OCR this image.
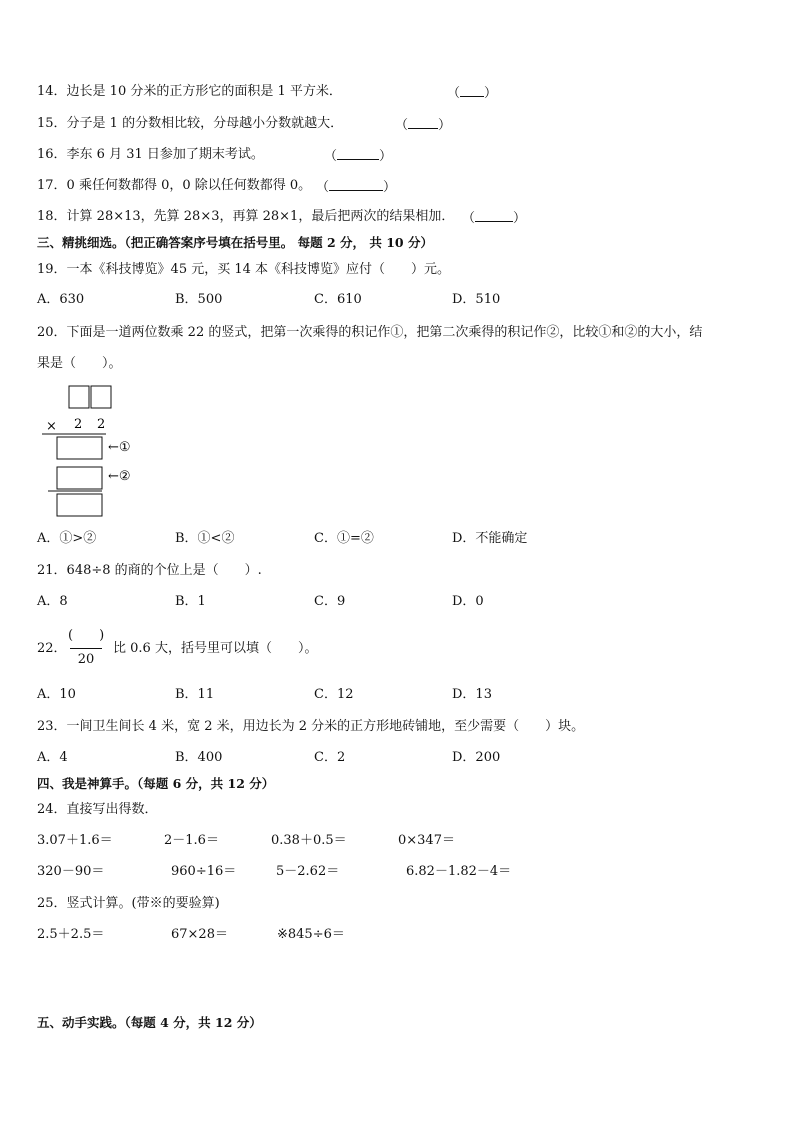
14．边长是 10 分米的正方形它的面积是 1 平方米．	（ ）
15．分子是 1 的分数相比较，分母越小分数就越大．	（ ）
16．李东 6 月 31 日参加了期末考试。	（	）
17．0 乘任何数都得 0，0 除以任何数都得 0。 （	）
18．计算 28×13，先算 28×3，再算 28×1，最后把两次的结果相加． （	）
三、精挑细选。（把正确答案序号填在括号里。 每题 2 分， 共 10 分）
19．一本《科技博览》45 元，买 14 本《科技博览》应付（　　）元。
A．630	B．500	C．610	D．510
20．下面是一道两位数乘 22 的竖式，把第一次乘得的积记作①，把第二次乘得的积记作②，比较①和②的大小，结
果是（　　）。
× 2 2
←①
←②
A．①>②	B．①<②	C．①=②	D．不能确定
21．648÷8 的商的个位上是（　　）.
A．8	B．1	C．9	D．0
22．
(　　)
20
比 0.6 大，括号里可以填（　　）。
A．10	B．11	C．12	D．13
23．一间卫生间长 4 米，宽 2 米，用边长为 2 分米的正方形地砖铺地，至少需要（　　）块。
A．4	B．400	C．2	D．200
四、我是神算手。（每题 6 分，共 12 分）
24．直接写出得数．
3.07＋1.6＝	2－1.6＝	0.38＋0.5＝	0×347＝
320－90＝	960÷16＝	5－2.62＝	6.82－1.82－4＝
25．竖式计算。(带※的要验算)
2.5＋2.5＝	67×28＝	※845÷6＝
五、动手实践。（每题 4 分，共 12 分）
